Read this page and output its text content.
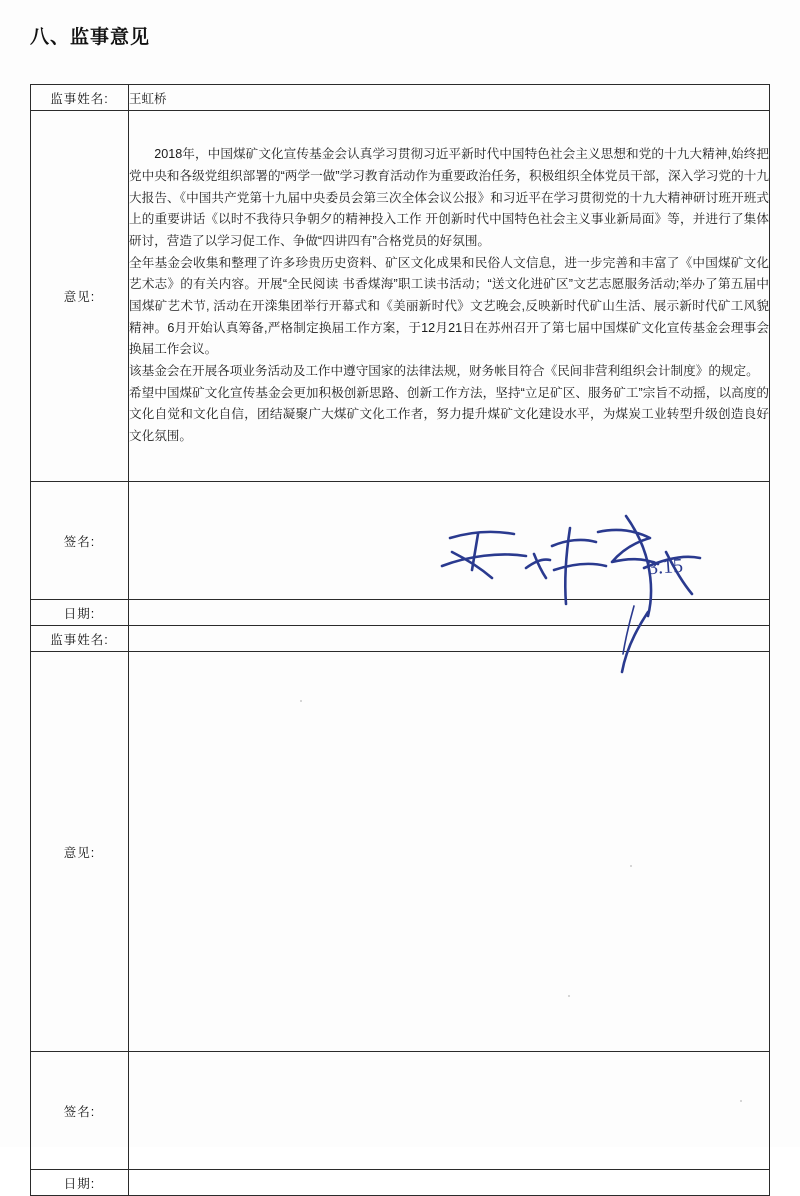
八、监事意见
监事姓名:	王虹桥
意见:	2018年，中国煤矿文化宣传基金会认真学习贯彻习近平新时代中国特色社会主义思想和党的十九大精神,始终把党中央和各级党组织部署的“两学一做”学习教育活动作为重要政治任务，积极组织全体党员干部，深入学习党的十九大报告、《中国共产党第十九届中央委员会第三次全体会议公报》和习近平在学习贯彻党的十九大精神研讨班开班式上的重要讲话《以时不我待只争朝夕的精神投入工作 开创新时代中国特色社会主义事业新局面》等，并进行了集体研讨，营造了以学习促工作、争做“四讲四有”合格党员的好氛围。

全年基金会收集和整理了许多珍贵历史资料、矿区文化成果和民俗人文信息，进一步完善和丰富了《中国煤矿文化艺术志》的有关内容。开展“全民阅读 书香煤海”职工读书活动；“送文化进矿区”文艺志愿服务活动;举办了第五届中国煤矿艺术节, 活动在开滦集团举行开幕式和《美丽新时代》文艺晚会,反映新时代矿山生活、展示新时代矿工风貌精神。6月开始认真筹备,严格制定换届工作方案，于12月21日在苏州召开了第七届中国煤矿文化宣传基金会理事会换届工作会议。

该基金会在开展各项业务活动及工作中遵守国家的法律法规，财务帐目符合《民间非营利组织会计制度》的规定。

希望中国煤矿文化宣传基金会更加积极创新思路、创新工作方法，坚持“立足矿区、服务矿工”宗旨不动摇，以高度的文化自觉和文化自信，团结凝聚广大煤矿文化工作者，努力提升煤矿文化建设水平，为煤炭工业转型升级创造良好文化氛围。

签名:	
日期:	
监事姓名:	
意见:	
签名:	
日期:	
3.15
